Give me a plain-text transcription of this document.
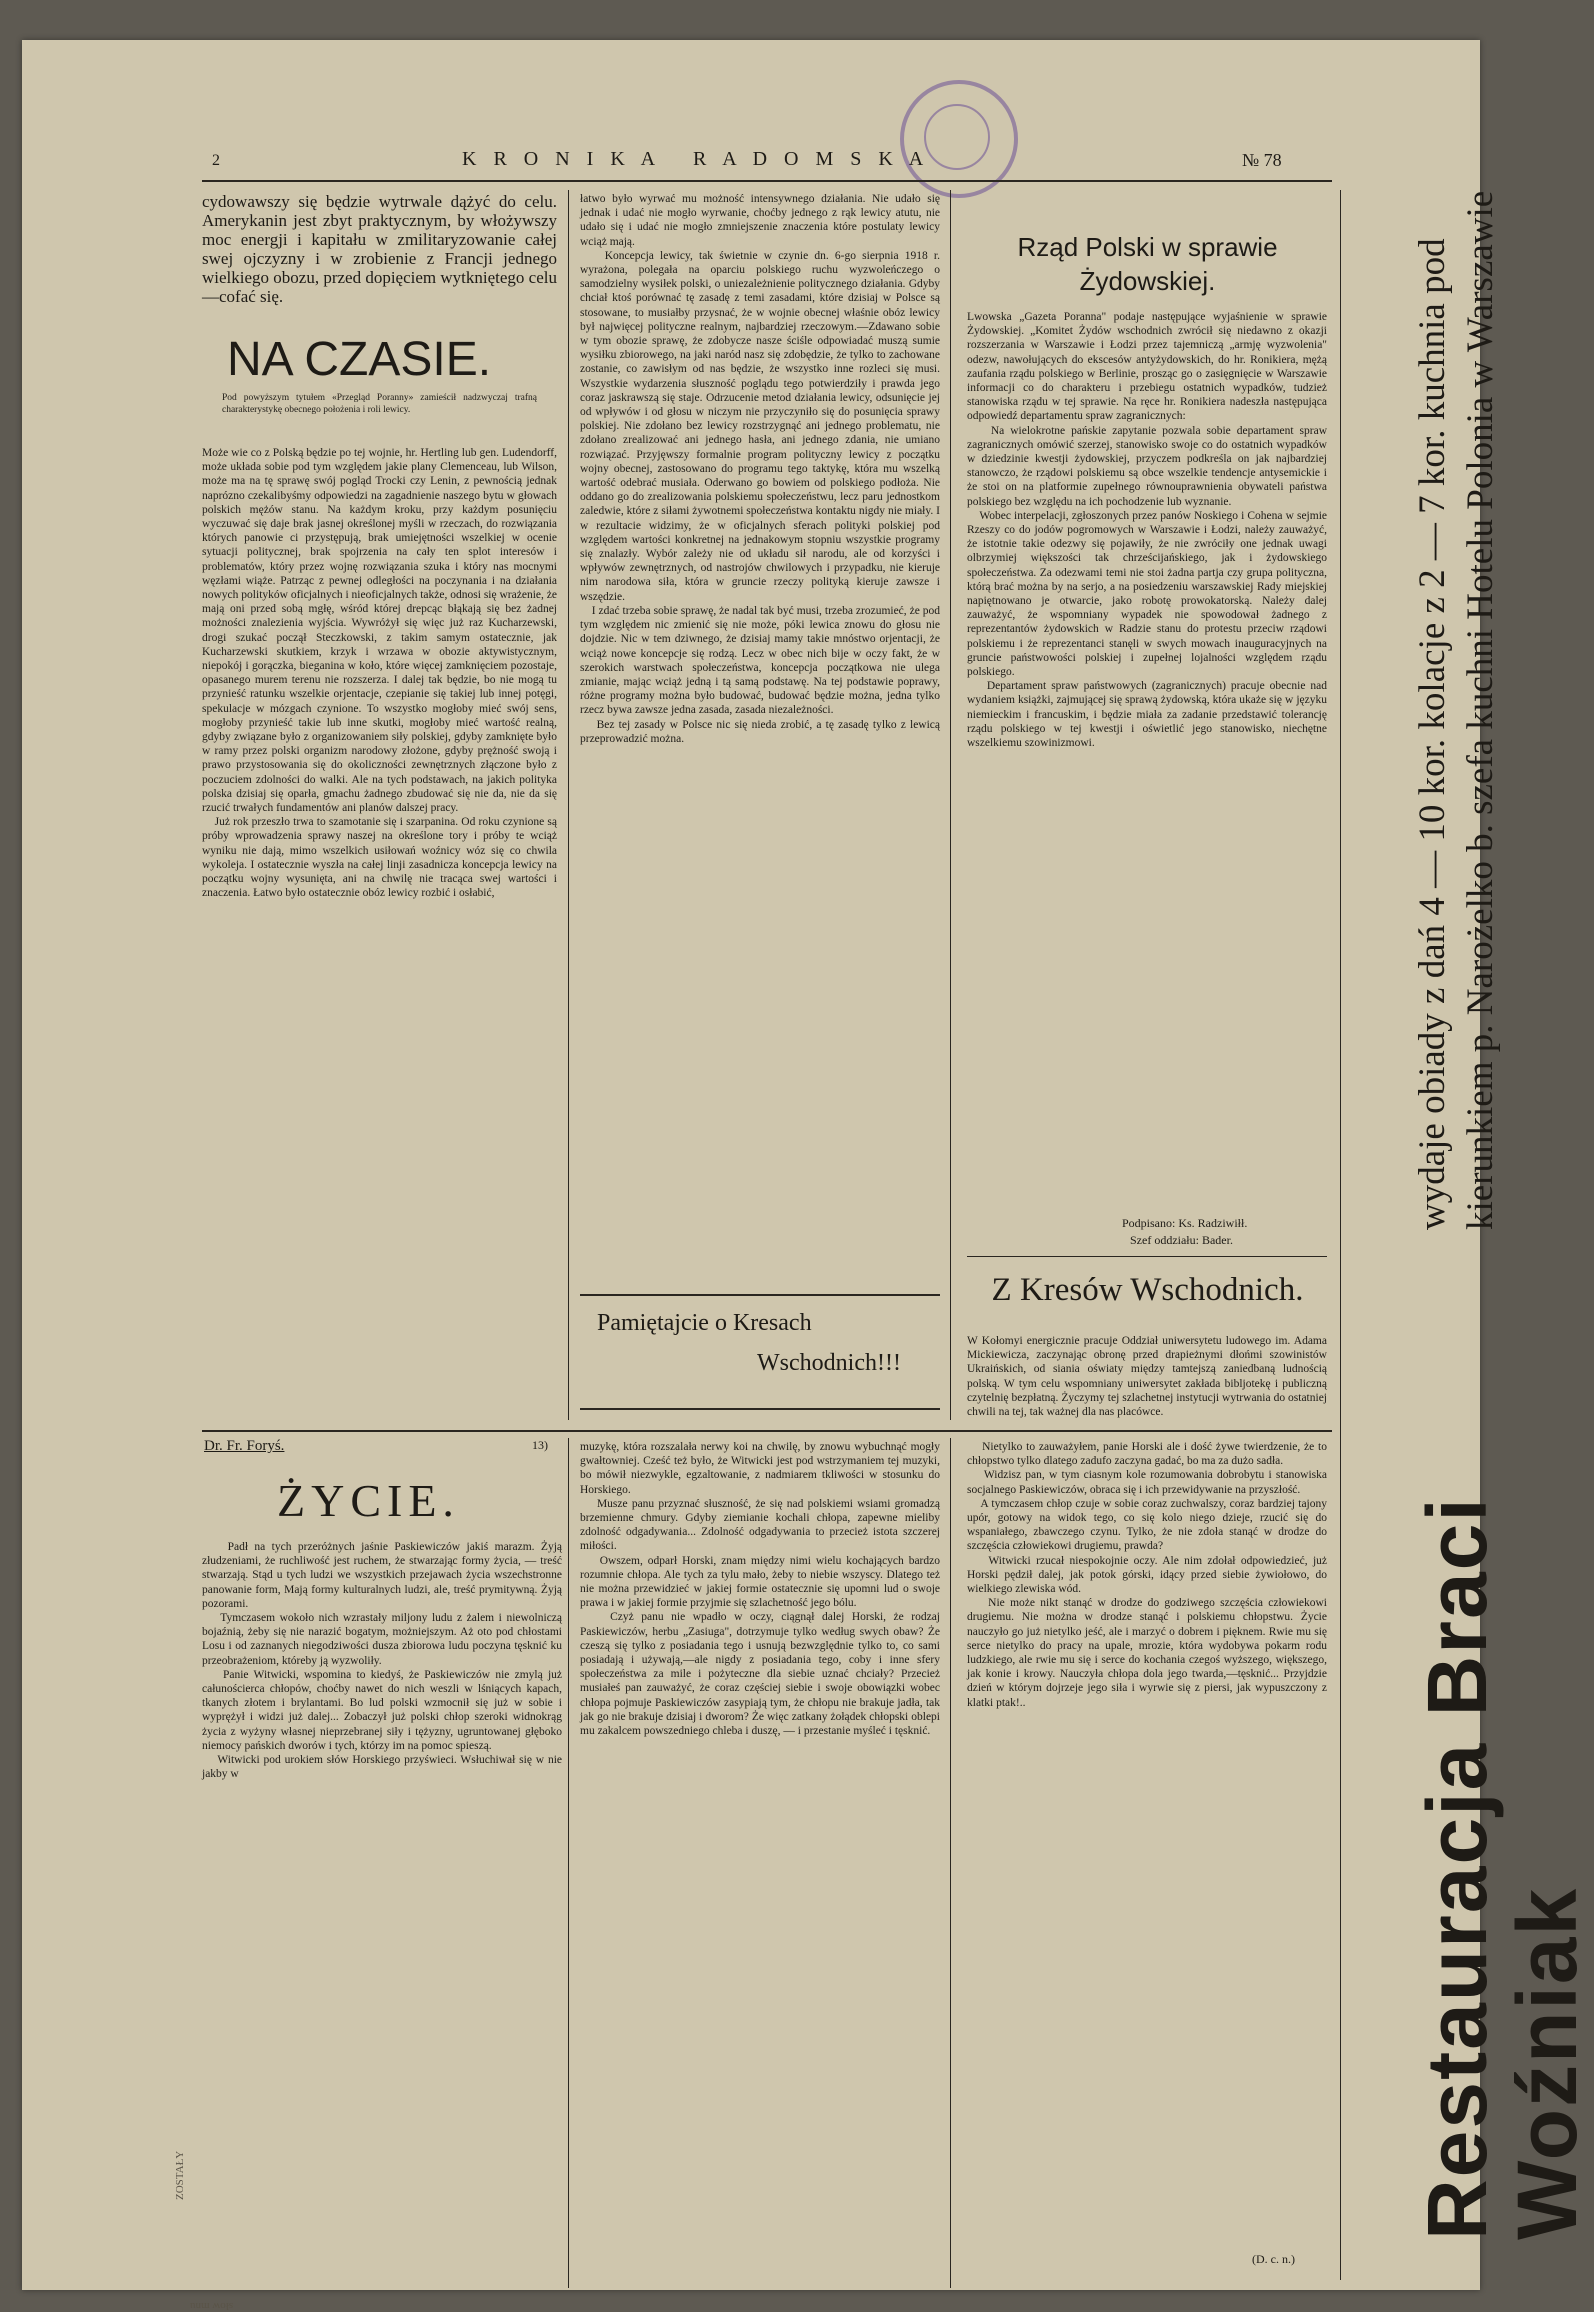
2	K R O N I K A   R A D O M S K A	№ 78
cydowawszy się będzie wytrwale dążyć do celu. Amerykanin jest zbyt praktycznym, by włożywszy moc energji i kapitału w zmilitaryzowanie całej swej ojczyzny i w zrobienie z Francji jednego wielkiego obozu, przed dopięciem wytkniętego celu—cofać się.
NA CZASIE.
Pod powyższym tytułem «Przegląd Poranny» zamieścił nadzwyczaj trafną charakterystykę obecnego położenia i roli lewicy.
Może wie co z Polską będzie po tej wojnie, hr. Hertling lub gen. Ludendorff, może układa sobie pod tym względem jakie plany Clemenceau, lub Wilson, może ma na tę sprawę swój pogląd Trocki czy Lenin, z pewnością jednak naprózno czekalibyśmy odpowiedzi na zagadnienie naszego bytu w głowach polskich mężów stanu. Na każdym kroku, przy każdym posunięciu wyczuwać się daje brak jasnej określonej myśli w rzeczach, do rozwiązania których panowie ci przystępują, brak umiejętności wszelkiej w ocenie sytuacji politycznej, brak spojrzenia na cały ten splot interesów i problematów, który przez wojnę rozwiązania szuka i który nas mocnymi węzłami wiąże. Patrząc z pewnej odległości na poczynania i na działania nowych polityków oficjalnych i nieoficjalnych także, odnosi się wrażenie, że mają oni przed sobą mgłę, wśród której drepcąc błąkają się bez żadnej możności znalezienia wyjścia. Wywróżył się więc już raz Kucharzewski, drogi szukać począł Steczkowski, z takim samym ostatecznie, jak Kucharzewski skutkiem, krzyk i wrzawa w obozie aktywistycznym, niepokój i gorączka, bieganina w koło, które więcej zamknięciem pozostaje, opasanego murem terenu nie rozszerza. I dalej tak będzie, bo nie mogą tu przynieść ratunku wszelkie orjentacje, czepianie się takiej lub innej potęgi, spekulacje w mózgach czynione. To wszystko mogłoby mieć swój sens, mogłoby przynieść takie lub inne skutki, mogłoby mieć wartość realną, gdyby związane było z organizowaniem siły polskiej, gdyby zamknięte było w ramy przez polski organizm narodowy złożone, gdyby prężność swoją i prawo przystosowania się do okoliczności zewnętrznych złączone było z poczuciem zdolności do walki. Ale na tych podstawach, na jakich polityka polska dzisiaj się oparła, gmachu żadnego zbudować się nie da, nie da się rzucić trwałych fundamentów ani planów dalszej pracy.
Już rok przeszło trwa to szamotanie się i szarpanina. Od roku czynione są próby wprowadzenia sprawy naszej na określone tory i próby te wciąż wyniku nie dają, mimo wszelkich usiłowań woźnicy wóz się co chwila wykoleja. I ostatecznie wyszła na całej linji zasadnicza koncepcja lewicy na początku wojny wysunięta, ani na chwilę nie tracąca swej wartości i znaczenia. Łatwo było ostatecznie obóz lewicy rozbić i osłabić,
łatwo było wyrwać mu możność intensywnego działania. Nie udało się jednak i udać nie mogło wyrwanie, choćby jednego z rąk lewicy atutu, nie udało się i udać nie mogło zmniejszenie znaczenia które postulaty lewicy wciąż mają.
Koncepcja lewicy, tak świetnie w czynie dn. 6-go sierpnia 1918 r. wyrażona, polegała na oparciu polskiego ruchu wyzwoleńczego o samodzielny wysiłek polski, o uniezależnienie politycznego działania. Gdyby chciał ktoś porównać tę zasadę z temi zasadami, które dzisiaj w Polsce są stosowane, to musiałby przysnać, że w wojnie obecnej właśnie obóz lewicy był najwięcej polityczne realnym, najbardziej rzeczowym.—Zdawano sobie w tym obozie sprawę, że zdobycze nasze ściśle odpowiadać muszą sumie wysiłku zbiorowego, na jaki naród nasz się zdobędzie, że tylko to zachowane zostanie, co zawisłym od nas będzie, że wszystko inne rozleci się musi. Wszystkie wydarzenia słuszność poglądu tego potwierdziły i prawda jego coraz jaskrawszą się staje. Odrzucenie metod działania lewicy, odsunięcie jej od wpływów i od głosu w niczym nie przyczyniło się do posunięcia sprawy polskiej. Nie zdołano bez lewicy rozstrzygnąć ani jednego problematu, nie zdołano zrealizować ani jednego hasła, ani jednego zdania, nie umiano rozwiązać. Przyjęwszy formalnie program polityczny lewicy z początku wojny obecnej, zastosowano do programu tego taktykę, która mu wszelką wartość odebrać musiała. Oderwano go bowiem od polskiego podłoża. Nie oddano go do zrealizowania polskiemu społeczeństwu, lecz paru jednostkom zaledwie, które z siłami żywotnemi społeczeństwa kontaktu nigdy nie miały. I w rezultacie widzimy, że w oficjalnych sferach polityki polskiej pod względem wartości konkretnej na jednakowym stopniu wszystkie programy się znalazły. Wybór zależy nie od układu sił narodu, ale od korzyści i wpływów zewnętrznych, od nastrojów chwilowych i przypadku, nie kieruje nim narodowa siła, która w gruncie rzeczy polityką kieruje zawsze i wszędzie.
I zdać trzeba sobie sprawę, że nadal tak być musi, trzeba zrozumieć, że pod tym względem nic zmienić się nie może, póki lewica znowu do głosu nie dojdzie. Nic w tem dziwnego, że dzisiaj mamy takie mnóstwo orjentacji, że wciąż nowe koncepcje się rodzą. Lecz w obec nich bije w oczy fakt, że w szerokich warstwach społeczeństwa, koncepcja początkowa nie ulega zmianie, mając wciąż jedną i tą samą podstawę. Na tej podstawie poprawy, różne programy można było budować, budować będzie można, jedna tylko rzecz bywa zawsze jedna zasada, zasada niezależności.
Bez tej zasady w Polsce nic się nieda zrobić, a tę zasadę tylko z lewicą przeprowadzić można.
Pamiętajcie o Kresach
Wschodnich!!!
Rząd Polski w sprawie Żydowskiej.
Lwowska „Gazeta Poranna" podaje następujące wyjaśnienie w sprawie Żydowskiej. „Komitet Żydów wschodnich zwrócił się niedawno z okazji rozszerzania w Warszawie i Łodzi przez tajemniczą „armję wyzwolenia" odezw, nawołujących do ekscesów antyżydowskich, do hr. Ronikiera, mężą zaufania rządu polskiego w Berlinie, prosząc go o zasięgnięcie w Warszawie informacji co do charakteru i przebiegu ostatnich wypadków, tudzież stanowiska rządu w tej sprawie. Na ręce hr. Ronikiera nadeszła następująca odpowiedź departamentu spraw zagranicznych:
Na wielokrotne pańskie zapytanie pozwala sobie departament spraw zagranicznych omówić szerzej, stanowisko swoje co do ostatnich wypadków w dziedzinie kwestji żydowskiej, przyczem podkreśla on jak najbardziej stanowczo, że rządowi polskiemu są obce wszelkie tendencje antysemickie i że stoi on na platformie zupełnego równouprawnienia obywateli państwa polskiego bez względu na ich pochodzenie lub wyznanie.
Wobec interpelacji, zgłoszonych przez panów Noskiego i Cohena w sejmie Rzeszy co do jodów pogromowych w Warszawie i Łodzi, należy zauważyć, że istotnie takie odezwy się pojawiły, że nie zwróciły one jednak uwagi olbrzymiej większości tak chrześcijańskiego, jak i żydowskiego społeczeństwa. Za odezwami temi nie stoi żadna partja czy grupa polityczna, którą brać można by na serjo, a na posiedzeniu warszawskiej Rady miejskiej napiętnowano je otwarcie, jako robotę prowokatorską. Należy dalej zauważyć, że wspomniany wypadek nie spowodował żadnego z reprezentantów żydowskich w Radzie stanu do protestu przeciw rządowi polskiemu i że reprezentanci stanęli w swych mowach inauguracyjnych na gruncie państwowości polskiej i zupełnej lojalności względem rządu polskiego.
Departament spraw państwowych (zagranicznych) pracuje obecnie nad wydaniem książki, zajmującej się sprawą żydowską, która ukaże się w języku niemieckim i francuskim, i będzie miała za zadanie przedstawić tolerancję rządu polskiego w tej kwestji i oświetlić jego stanowisko, niechętne wszelkiemu szowinizmowi.
Podpisano: Ks. Radziwiłł.
Szef oddziału: Bader.
Z Kresów Wschodnich.
W Kołomyi energicznie pracuje Oddział uniwersytetu ludowego im. Adama Mickiewicza, zaczynając obronę przed drapieżnymi dłońmi szowinistów Ukraińskich, od siania oświaty między tamtejszą zaniedbaną ludnością polską. W tym celu wspomniany uniwersytet zakłada bibljotekę i publiczną czytelnię bezpłatną. Życzymy tej szlachetnej instytucji wytrwania do ostatniej chwili na tej, tak ważnej dla nas placówce.
Dr. Fr. Foryś.	13)
ŻYCIE.
Padł na tych przeróżnych jaśnie Paskiewiczów jakiś marazm. Żyją złudzeniami, że ruchliwość jest ruchem, że stwarzając formy życia, — treść stwarzają. Stąd u tych ludzi we wszystkich przejawach życia wszechstronne panowanie form, Mają formy kulturalnych ludzi, ale, treść prymitywną. Żyją pozorami.
Tymczasem wokoło nich wzrastały miljony ludu z żalem i niewolniczą bojaźnią, żeby się nie narazić bogatym, możniejszym. Aż oto pod chłostami Losu i od zaznanych niegodziwości dusza zbiorowa ludu poczyna tęsknić ku przeobrażeniom, któreby ją wyzwoliły.
Panie Witwicki, wspomina to kiedyś, że Paskiewiczów nie zmylą już całunościerca chłopów, choćby nawet do nich weszli w lśniących kapach, tkanych złotem i brylantami. Bo lud polski wzmocnił się już w sobie i wyprężył i widzi już dalej... Zobaczył już polski chłop szeroki widnokrąg życia z wyżyny własnej nieprzebranej siły i tężyzny, ugruntowanej głęboko niemocy pańskich dworów i tych, którzy im na pomoc spieszą.
Witwicki pod urokiem słów Horskiego przyświeci. Wsłuchiwał się w nie jakby w
muzykę, która rozszalała nerwy koi na chwilę, by znowu wybuchnąć mogły gwałtowniej. Cześć też było, że Witwicki jest pod wstrzymaniem tej muzyki, bo mówił niezwykle, egzaltowanie, z nadmiarem tkliwości w stosunku do Horskiego.
Musze panu przyznać słuszność, że się nad polskiemi wsiami gromadzą brzemienne chmury. Gdyby ziemianie kochali chłopa, zapewne mieliby zdolność odgadywania... Zdolność odgadywania to przecież istota szczerej miłości.
Owszem, odparł Horski, znam między nimi wielu kochających bardzo rozumnie chłopa. Ale tych za tylu mało, żeby to niebie wszyscy. Dlatego też nie można przewidzieć w jakiej formie ostatecznie się upomni lud o swoje prawa i w jakiej formie przyjmie się szlachetność jego bólu.
Czyż panu nie wpadło w oczy, ciągnął dalej Horski, że rodzaj Paskiewiczów, herbu „Zasiuga", dotrzymuje tylko według swych obaw? Że czeszą się tylko z posiadania tego i usnują bezwzględnie tylko to, co sami posiadają i używają,—ale nigdy z posiadania tego, coby i inne sfery społeczeństwa za mile i pożyteczne dla siebie uznać chciały? Przecież musiałeś pan zauważyć, że coraz częściej siebie i swoje obowiązki wobec chłopa pojmuje Paskiewiczów zasypiają tym, że chłopu nie brakuje jadła, tak jak go nie brakuje dzisiaj i dworom? Że więc zatkany żołądek chłopski oblepi mu zakalcem powszedniego chleba i duszę, — i przestanie myśleć i tęsknić.
Nietylko to zauważyłem, panie Horski ale i dość żywe twierdzenie, że to chłopstwo tylko dlatego zadufo zaczyna gadać, bo ma za dużo sadła.
Widzisz pan, w tym ciasnym kole rozumowania dobrobytu i stanowiska socjalnego Paskiewiczów, obraca się i ich przewidywanie na przyszłość.
A tymczasem chłop czuje w sobie coraz zuchwalszy, coraz bardziej tajony upór, gotowy na widok tego, co się kolo niego dzieje, rzucić się do wspaniałego, zbawczego czynu. Tylko, że nie zdoła stanąć w drodze do szczęścia człowiekowi drugiemu, prawda?
Witwicki rzucał niespokojnie oczy. Ale nim zdołał odpowiedzieć, już Horski pędził dalej, jak potok górski, idący przed siebie żywiołowo, do wielkiego zlewiska wód.
Nie może nikt stanąć w drodze do godziwego szczęścia człowiekowi drugiemu. Nie można w drodze stanąć i polskiemu chłopstwu. Życie nauczyło go już nietylko jeść, ale i marzyć o dobrem i pięknem. Rwie mu się serce nietylko do pracy na upale, mrozie, która wydobywa pokarm rodu ludzkiego, ale rwie mu się i serce do kochania czegoś wyższego, większego, jak konie i krowy. Nauczyła chłopa dola jego twarda,—tęsknić... Przyjdzie dzień w którym dojrzeje jego siła i wyrwie się z piersi, jak wypuszczony z klatki ptak!..
(D. c. n.)
ZOSTAŁY
słow mnu
Restauracja Braci Woźniak
wydaje obiady z dań 4 — 10 kor. kolacje z 2 — 7 kor. kuchnia pod kierunkiem p. Narożelko b. szefa kuchni Hotelu Polonia w Warszawie
